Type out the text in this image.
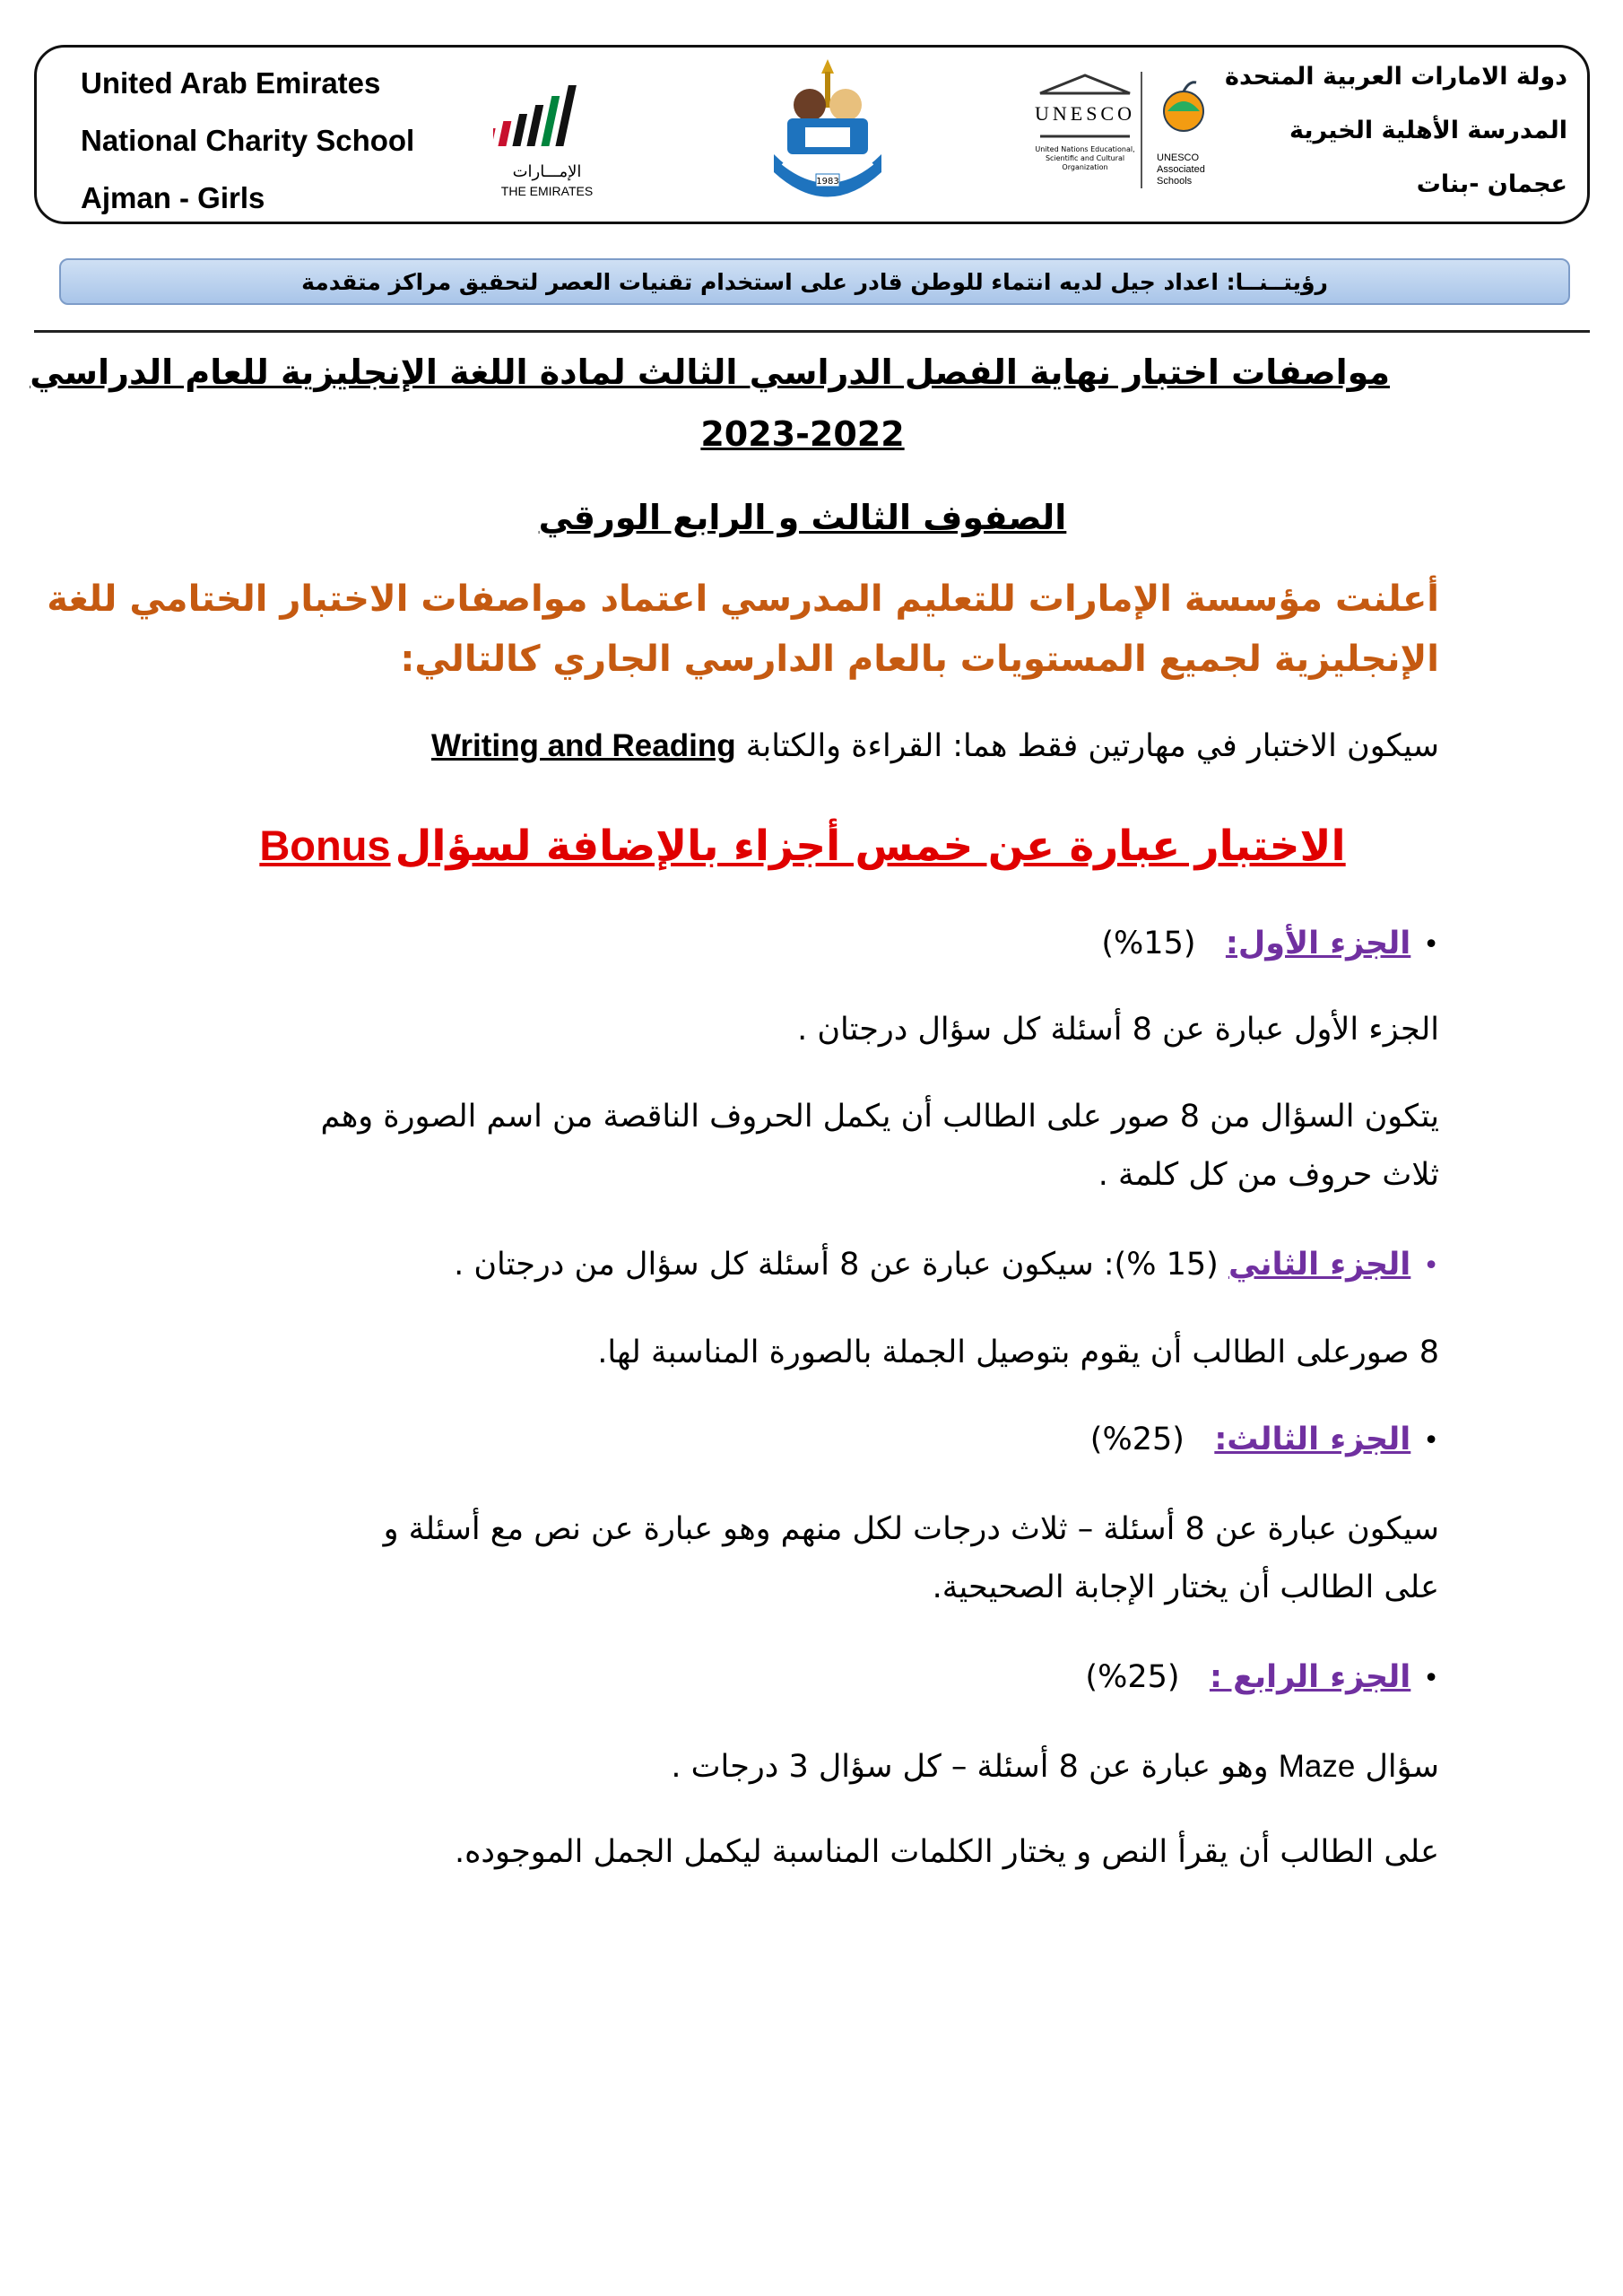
United Arab Emirates
National Charity School
Ajman - Girls
دولة الامارات العربية المتحدة
المدرسة الأهلية الخيرية
عجمان -بنات
الإمـــارات
THE EMIRATES
1983
UNESCO
United Nations Educational, Scientific and Cultural Organization
UNESCO Associated Schools
رؤيتــنــا: اعداد جيل لديه انتماء للوطن قادر على استخدام تقنيات العصر لتحقيق مراكز متقدمة
مواصفات اختبار نهاية الفصل الدراسي الثالث لمادة اللغة الإنجليزية للعام الدراسي
2023-2022
الصفوف الثالث و الرابع الورقي
أعلنت مؤسسة الإمارات للتعليم المدرسي اعتماد مواصفات الاختبار الختامي للغة
الإنجليزية لجميع المستويات بالعام الدارسي الجاري كالتالي:
سيكون الاختبار في مهارتين فقط هما: القراءة والكتابة Writing and Reading
الاختبار عبارة عن خمس أجزاء بالإضافة لسؤال Bonus
•الجزء الأول:   (15%)
الجزء الأول عبارة عن 8 أسئلة كل سؤال درجتان .
يتكون السؤال من 8 صور على الطالب أن يكمل الحروف الناقصة من اسم الصورة وهم
ثلاث حروف من كل كلمة .
•الجزء الثاني (15 %): سيكون عبارة عن 8 أسئلة كل سؤال من درجتان .
8 صورعلى الطالب أن يقوم بتوصيل الجملة بالصورة المناسبة لها.
•الجزء الثالث:   (25%)
سيكون عبارة عن 8 أسئلة – ثلاث درجات لكل منهم وهو عبارة عن نص مع أسئلة و
على الطالب أن يختار الإجابة الصحيحية.
•الجزء الرابع :   (25%)
سؤال Maze وهو عبارة عن 8 أسئلة – كل سؤال 3 درجات .
على الطالب أن يقرأ النص و يختار الكلمات المناسبة ليكمل الجمل الموجوده.
